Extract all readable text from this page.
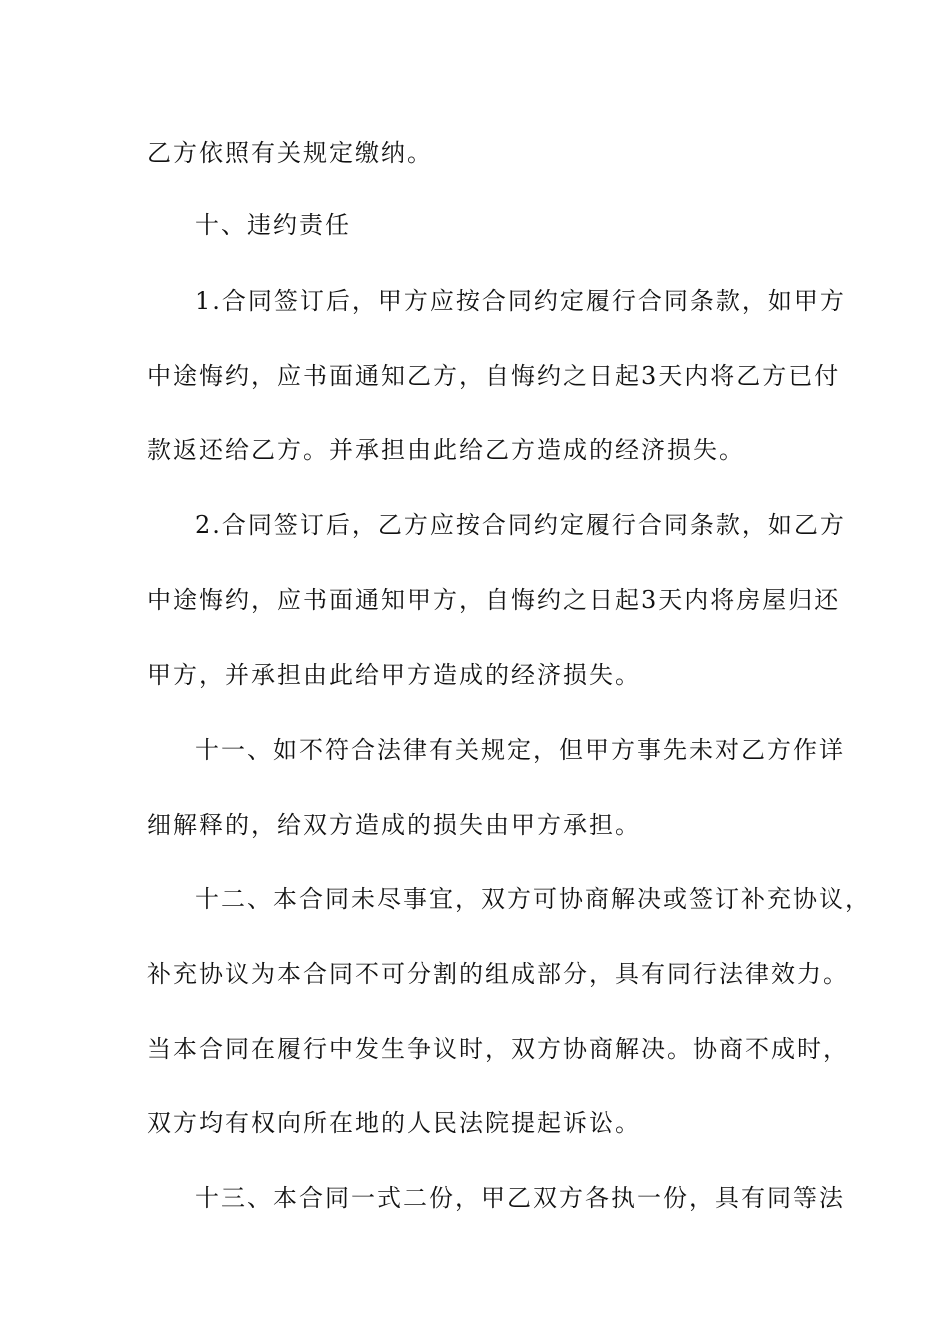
乙方依照有关规定缴纳。

十、违约责任

1.合同签订后，甲方应按合同约定履行合同条款，如甲方

中途悔约，应书面通知乙方，自悔约之日起3天内将乙方已付

款返还给乙方。并承担由此给乙方造成的经济损失。

2.合同签订后，乙方应按合同约定履行合同条款，如乙方

中途悔约，应书面通知甲方，自悔约之日起3天内将房屋归还

甲方，并承担由此给甲方造成的经济损失。

十一、如不符合法律有关规定，但甲方事先未对乙方作详

细解释的，给双方造成的损失由甲方承担。

十二、本合同未尽事宜，双方可协商解决或签订补充协议，

补充协议为本合同不可分割的组成部分，具有同行法律效力。

当本合同在履行中发生争议时，双方协商解决。协商不成时，

双方均有权向所在地的人民法院提起诉讼。

十三、本合同一式二份，甲乙双方各执一份，具有同等法
